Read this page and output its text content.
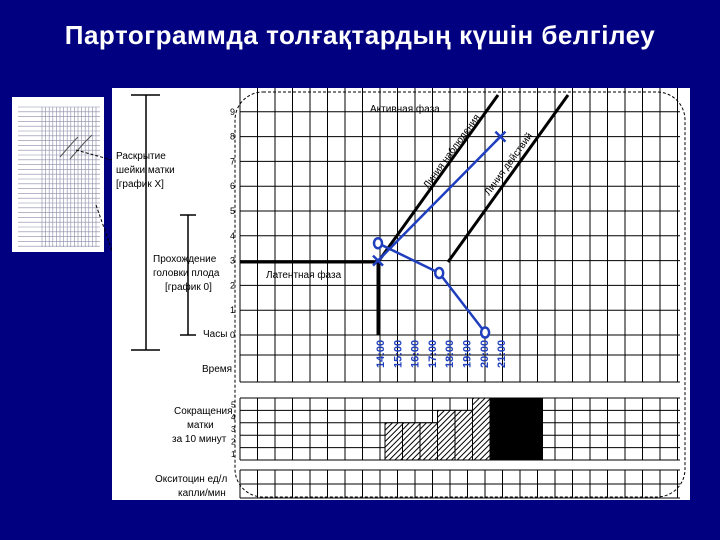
Партограммда толғақтардың күшін белгілеу
0
1
2
3
4
5
6
7
8
9
1
2
3
4
5
Раскрытие
шейки матки
[график X]
Прохождение
головки плода
[график 0]
Часы
Время
Активная фаза
Латентная фаза
Линия наблюдения Линия действий
Сокращения
матки
за 10 минут
Окситоцин ед/л
капли/мин
14:00 15:00 16:00 17:00 18:00 19:00 20:00 21:00
